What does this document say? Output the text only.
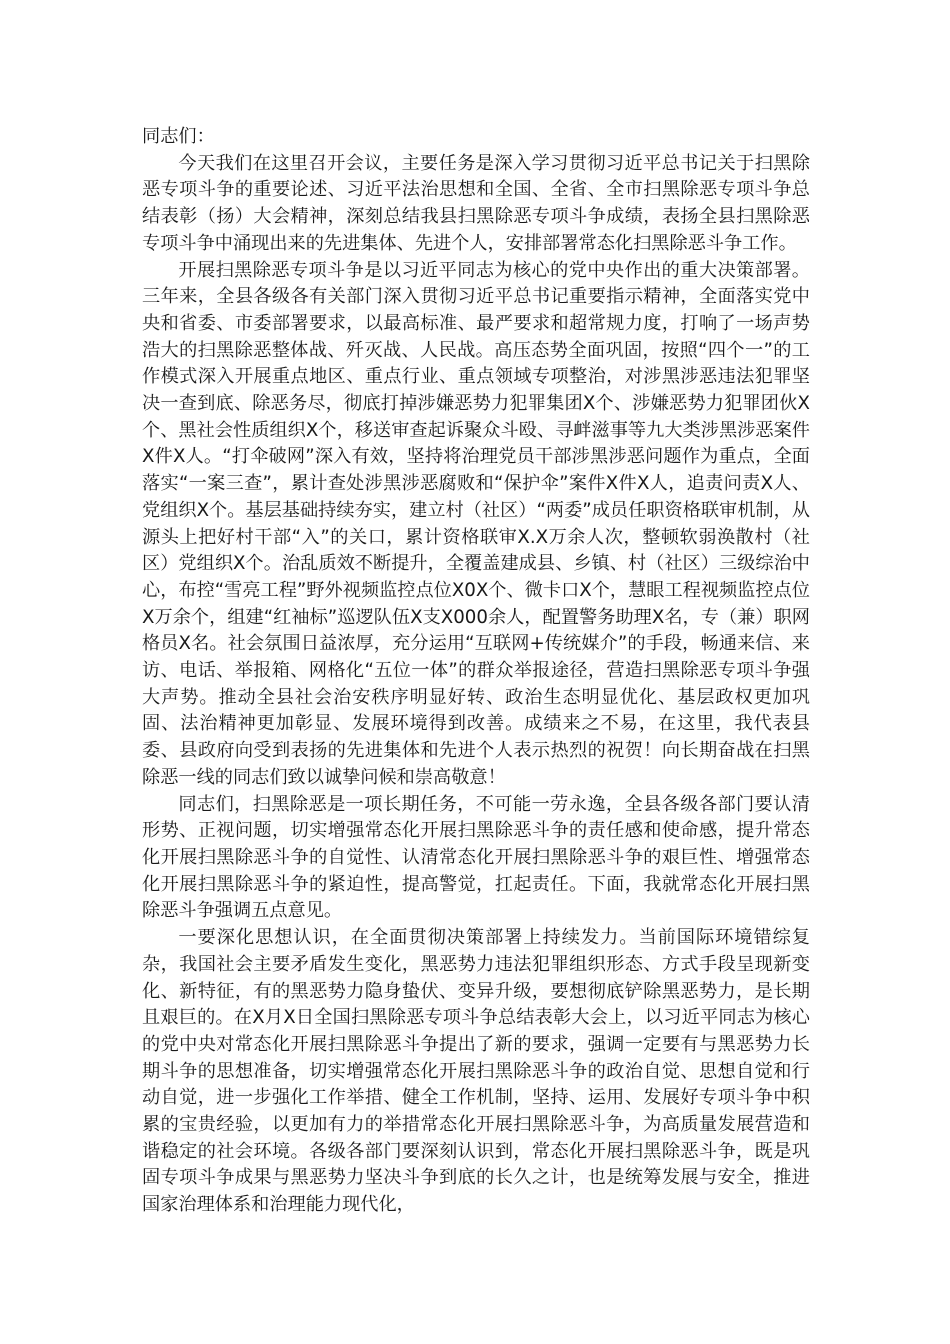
同志们：

今天我们在这里召开会议，主要任务是深入学习贯彻习近平总书记关于扫黑除恶专项斗争的重要论述、习近平法治思想和全国、全省、全市扫黑除恶专项斗争总结表彰（扬）大会精神，深刻总结我县扫黑除恶专项斗争成绩，表扬全县扫黑除恶专项斗争中涌现出来的先进集体、先进个人，安排部署常态化扫黑除恶斗争工作。

开展扫黑除恶专项斗争是以习近平同志为核心的党中央作出的重大决策部署。三年来，全县各级各有关部门深入贯彻习近平总书记重要指示精神，全面落实党中央和省委、市委部署要求，以最高标准、最严要求和超常规力度，打响了一场声势浩大的扫黑除恶整体战、歼灭战、人民战。高压态势全面巩固，按照“四个一”的工作模式深入开展重点地区、重点行业、重点领域专项整治，对涉黑涉恶违法犯罪坚决一查到底、除恶务尽，彻底打掉涉嫌恶势力犯罪集团X个、涉嫌恶势力犯罪团伙X个、黑社会性质组织X个，移送审查起诉聚众斗殴、寻衅滋事等九大类涉黑涉恶案件X件X人。“打伞破网”深入有效，坚持将治理党员干部涉黑涉恶问题作为重点，全面落实“一案三查”，累计查处涉黑涉恶腐败和“保护伞”案件X件X人，追责问责X人、党组织X个。基层基础持续夯实，建立村（社区）“两委”成员任职资格联审机制，从源头上把好村干部“入”的关口，累计资格联审X.X万余人次，整顿软弱涣散村（社区）党组织X个。治乱质效不断提升，全覆盖建成县、乡镇、村（社区）三级综治中心，布控“雪亮工程”野外视频监控点位X0X个、微卡口X个，慧眼工程视频监控点位X万余个，组建“红袖标”巡逻队伍X支X000余人，配置警务助理X名，专（兼）职网格员X名。社会氛围日益浓厚，充分运用“互联网+传统媒介”的手段，畅通来信、来访、电话、举报箱、网格化“五位一体”的群众举报途径，营造扫黑除恶专项斗争强大声势。推动全县社会治安秩序明显好转、政治生态明显优化、基层政权更加巩固、法治精神更加彰显、发展环境得到改善。成绩来之不易，在这里，我代表县委、县政府向受到表扬的先进集体和先进个人表示热烈的祝贺！向长期奋战在扫黑除恶一线的同志们致以诚挚问候和崇高敬意！

同志们，扫黑除恶是一项长期任务，不可能一劳永逸，全县各级各部门要认清形势、正视问题，切实增强常态化开展扫黑除恶斗争的责任感和使命感，提升常态化开展扫黑除恶斗争的自觉性、认清常态化开展扫黑除恶斗争的艰巨性、增强常态化开展扫黑除恶斗争的紧迫性，提高警觉，扛起责任。下面，我就常态化开展扫黑除恶斗争强调五点意见。

一要深化思想认识，在全面贯彻决策部署上持续发力。当前国际环境错综复杂，我国社会主要矛盾发生变化，黑恶势力违法犯罪组织形态、方式手段呈现新变化、新特征，有的黑恶势力隐身蛰伏、变异升级，要想彻底铲除黑恶势力，是长期且艰巨的。在X月X日全国扫黑除恶专项斗争总结表彰大会上，以习近平同志为核心的党中央对常态化开展扫黑除恶斗争提出了新的要求，强调一定要有与黑恶势力长期斗争的思想准备，切实增强常态化开展扫黑除恶斗争的政治自觉、思想自觉和行动自觉，进一步强化工作举措、健全工作机制，坚持、运用、发展好专项斗争中积累的宝贵经验，以更加有力的举措常态化开展扫黑除恶斗争，为高质量发展营造和谐稳定的社会环境。各级各部门要深刻认识到，常态化开展扫黑除恶斗争，既是巩固专项斗争成果与黑恶势力坚决斗争到底的长久之计，也是统筹发展与安全，推进国家治理体系和治理能力现代化，
